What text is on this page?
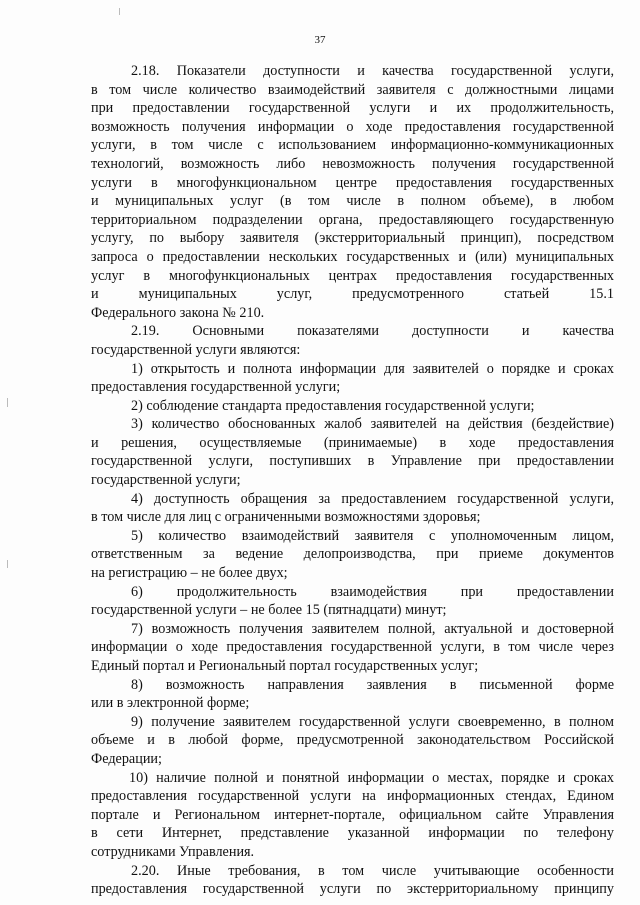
37
2.18. Показатели доступности и качества государственной услуги,
в том числе количество взаимодействий заявителя с должностными лицами
при предоставлении государственной услуги и их продолжительность,
возможность получения информации о ходе предоставления государственной
услуги, в том числе с использованием информационно-коммуникационных
технологий, возможность либо невозможность получения государственной
услуги в многофункциональном центре предоставления государственных
и муниципальных услуг (в том числе в полном объеме), в любом
территориальном подразделении органа, предоставляющего государственную
услугу, по выбору заявителя (экстерриториальный принцип), посредством
запроса о предоставлении нескольких государственных и (или) муниципальных
услуг в многофункциональных центрах предоставления государственных
и муниципальных услуг, предусмотренного статьей 15.1
Федерального закона № 210.
2.19. Основными показателями доступности и качества
государственной услуги являются:
1) открытость и полнота информации для заявителей о порядке и сроках
предоставления государственной услуги;
2) соблюдение стандарта предоставления государственной услуги;
3) количество обоснованных жалоб заявителей на действия (бездействие)
и решения, осуществляемые (принимаемые) в ходе предоставления
государственной услуги, поступивших в Управление при предоставлении
государственной услуги;
4) доступность обращения за предоставлением государственной услуги,
в том числе для лиц с ограниченными возможностями здоровья;
5) количество взаимодействий заявителя с уполномоченным лицом,
ответственным за ведение делопроизводства, при приеме документов
на регистрацию – не более двух;
6) продолжительность взаимодействия при предоставлении
государственной услуги – не более 15 (пятнадцати) минут;
7) возможность получения заявителем полной, актуальной и достоверной
информации о ходе предоставления государственной услуги, в том числе через
Единый портал и Региональный портал государственных услуг;
8) возможность направления заявления в письменной форме
или в электронной форме;
9) получение заявителем государственной услуги своевременно, в полном
объеме и в любой форме, предусмотренной законодательством Российской
Федерации;
10) наличие полной и понятной информации о местах, порядке и сроках
предоставления государственной услуги на информационных стендах, Едином
портале и Региональном интернет-портале, официальном сайте Управления
в сети Интернет, представление указанной информации по телефону
сотрудниками Управления.
2.20. Иные требования, в том числе учитывающие особенности
предоставления государственной услуги по экстерриториальному принципу
